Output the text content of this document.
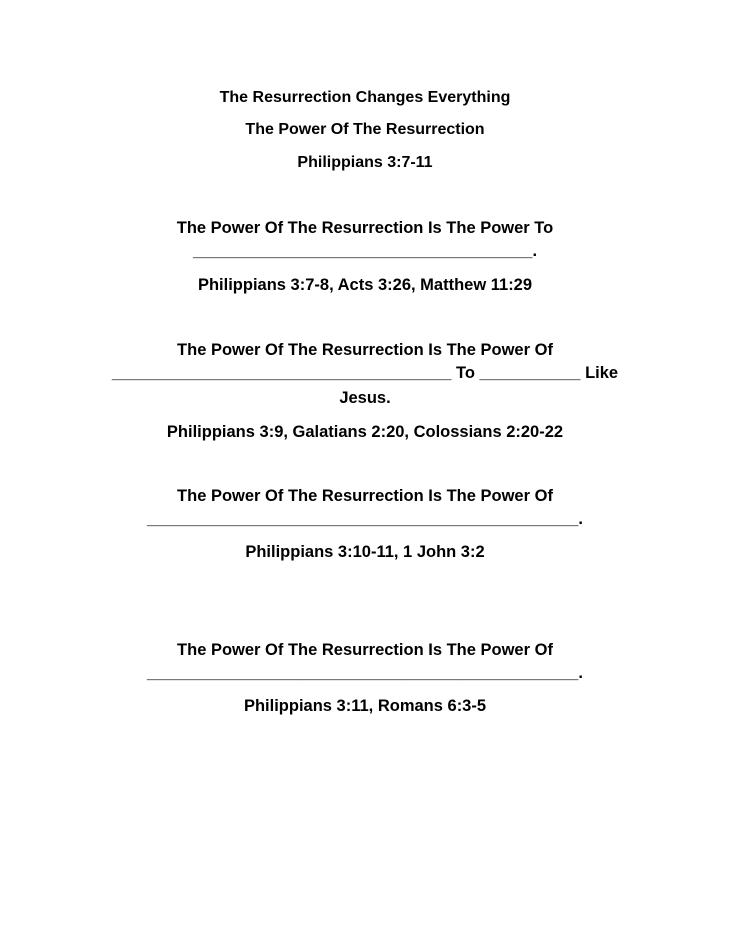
The Resurrection Changes Everything

The Power Of The Resurrection

Philippians 3:7-11

The Power Of The Resurrection Is The Power To

_____________________________________.

Philippians 3:7-8, Acts 3:26, Matthew 11:29

The Power Of The Resurrection Is The Power Of

_____________________________________ To ___________ Like

Jesus.

Philippians 3:9, Galatians 2:20, Colossians 2:20-22

The Power Of The Resurrection Is The Power Of

_______________________________________________.

Philippians 3:10-11, 1 John 3:2

The Power Of The Resurrection Is The Power Of

_______________________________________________.

Philippians 3:11, Romans 6:3-5
